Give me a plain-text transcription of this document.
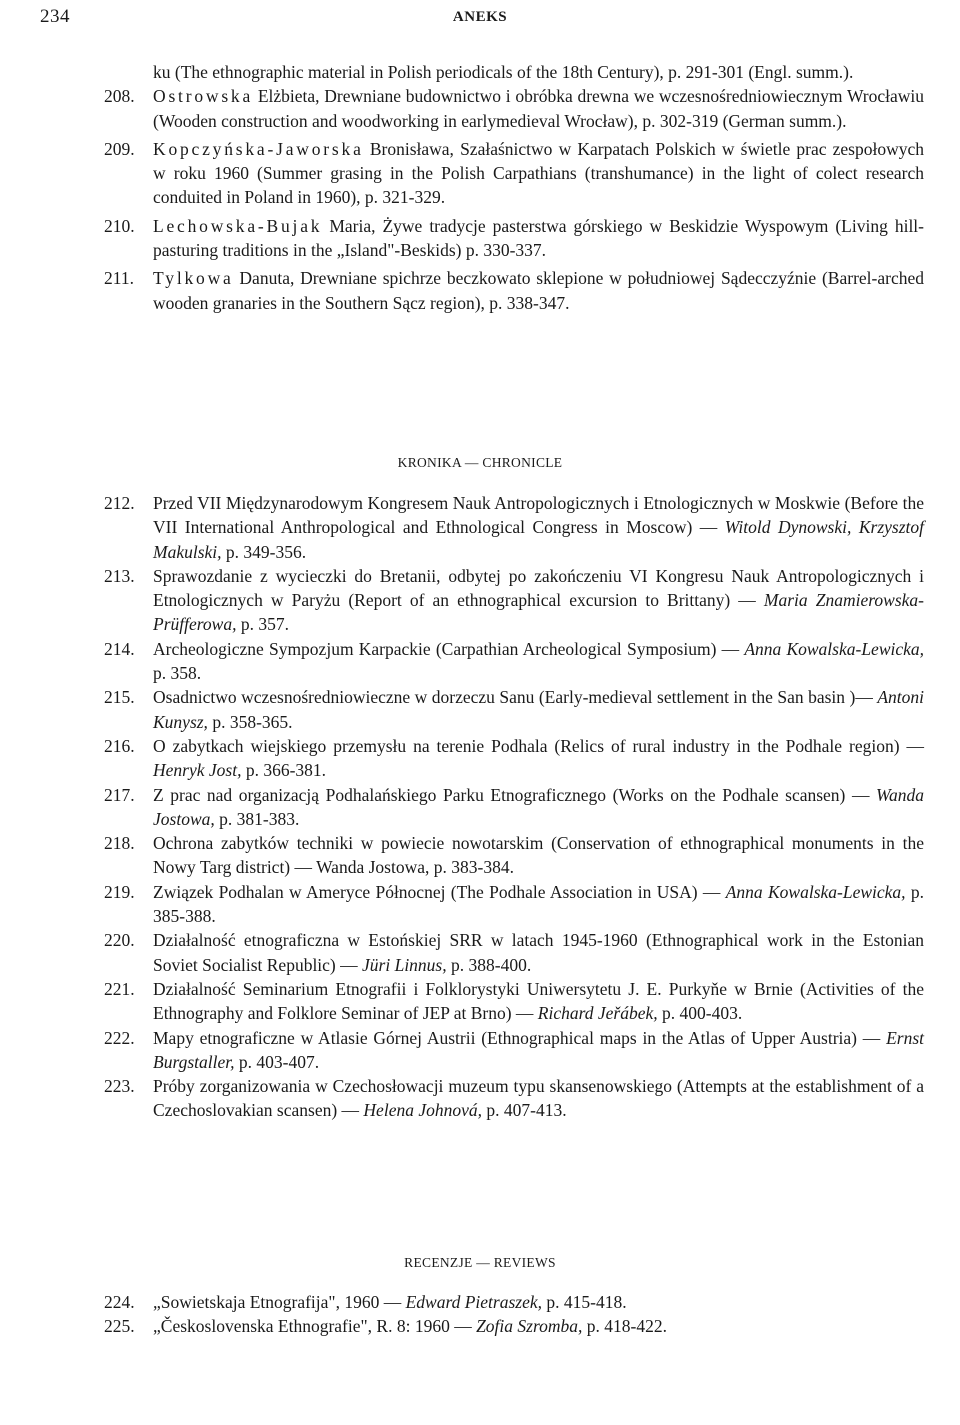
234	ANEKS
ku (The ethnographic material in Polish periodicals of the 18th Century), p. 291-301 (Engl. summ.).
208.	Ostrowska Elżbieta, Drewniane budownictwo i obróbka drewna we wczesnośredniowiecznym Wrocławiu (Wooden construction and woodworking in earlymedieval Wrocław), p. 302-319 (German summ.).
209.	Kopczyńska-Jaworska Bronisława, Szałaśnictwo w Karpatach Polskich w świetle prac zespołowych w roku 1960 (Summer grasing in the Polish Carpathians (transhumance) in the light of colect research conduited in Poland in 1960), p. 321-329.
210.	Lechowska-Bujak Maria, Żywe tradycje pasterstwa górskiego w Beskidzie Wyspowym (Living hill-pasturing traditions in the „Island"-Beskids) p. 330-337.
211.	Tylkowa Danuta, Drewniane spichrze beczkowato sklepione w południowej Sądecczyźnie (Barrel-arched wooden granaries in the Southern Sącz region), p. 338-347.
KRONIKA — CHRONICLE
212.	Przed VII Międzynarodowym Kongresem Nauk Antropologicznych i Etnologicznych w Moskwie (Before the VII International Anthropological and Ethnological Congress in Moscow) — Witold Dynowski, Krzysztof Makulski, p. 349-356.
213.	Sprawozdanie z wycieczki do Bretanii, odbytej po zakończeniu VI Kongresu Nauk Antropologicznych i Etnologicznych w Paryżu (Report of an ethnographical excursion to Brittany) — Maria Znamierowska-Prüfferowa, p. 357.
214.	Archeologiczne Sympozjum Karpackie (Carpathian Archeological Symposium) — Anna Kowalska-Lewicka, p. 358.
215.	Osadnictwo wczesnośredniowieczne w dorzeczu Sanu (Early-medieval settlement in the San basin )— Antoni Kunysz, p. 358-365.
216.	O zabytkach wiejskiego przemysłu na terenie Podhala (Relics of rural industry in the Podhale region) — Henryk Jost, p. 366-381.
217.	Z prac nad organizacją Podhalańskiego Parku Etnograficznego (Works on the Podhale scansen) — Wanda Jostowa, p. 381-383.
218.	Ochrona zabytków techniki w powiecie nowotarskim (Conservation of ethnographical monuments in the Nowy Targ district) — Wanda Jostowa, p. 383-384.
219.	Związek Podhalan w Ameryce Północnej (The Podhale Association in USA) — Anna Kowalska-Lewicka, p. 385-388.
220.	Działalność etnograficzna w Estońskiej SRR w latach 1945-1960 (Ethnographical work in the Estonian Soviet Socialist Republic) — Jüri Linnus, p. 388-400.
221.	Działalność Seminarium Etnografii i Folklorystyki Uniwersytetu J. E. Purkyňe w Brnie (Activities of the Ethnography and Folklore Seminar of JEP at Brno) — Richard Jeřábek, p. 400-403.
222.	Mapy etnograficzne w Atlasie Górnej Austrii (Ethnographical maps in the Atlas of Upper Austria) — Ernst Burgstaller, p. 403-407.
223.	Próby zorganizowania w Czechosłowacji muzeum typu skansenowskiego (Attempts at the establishment of a Czechoslovakian scansen) — Helena Johnová, p. 407-413.
RECENZJE — REVIEWS
224.	„Sowietskaja Etnografija", 1960 — Edward Pietraszek, p. 415-418.
225.	„Československa Ethnografie", R. 8: 1960 — Zofia Szromba, p. 418-422.
